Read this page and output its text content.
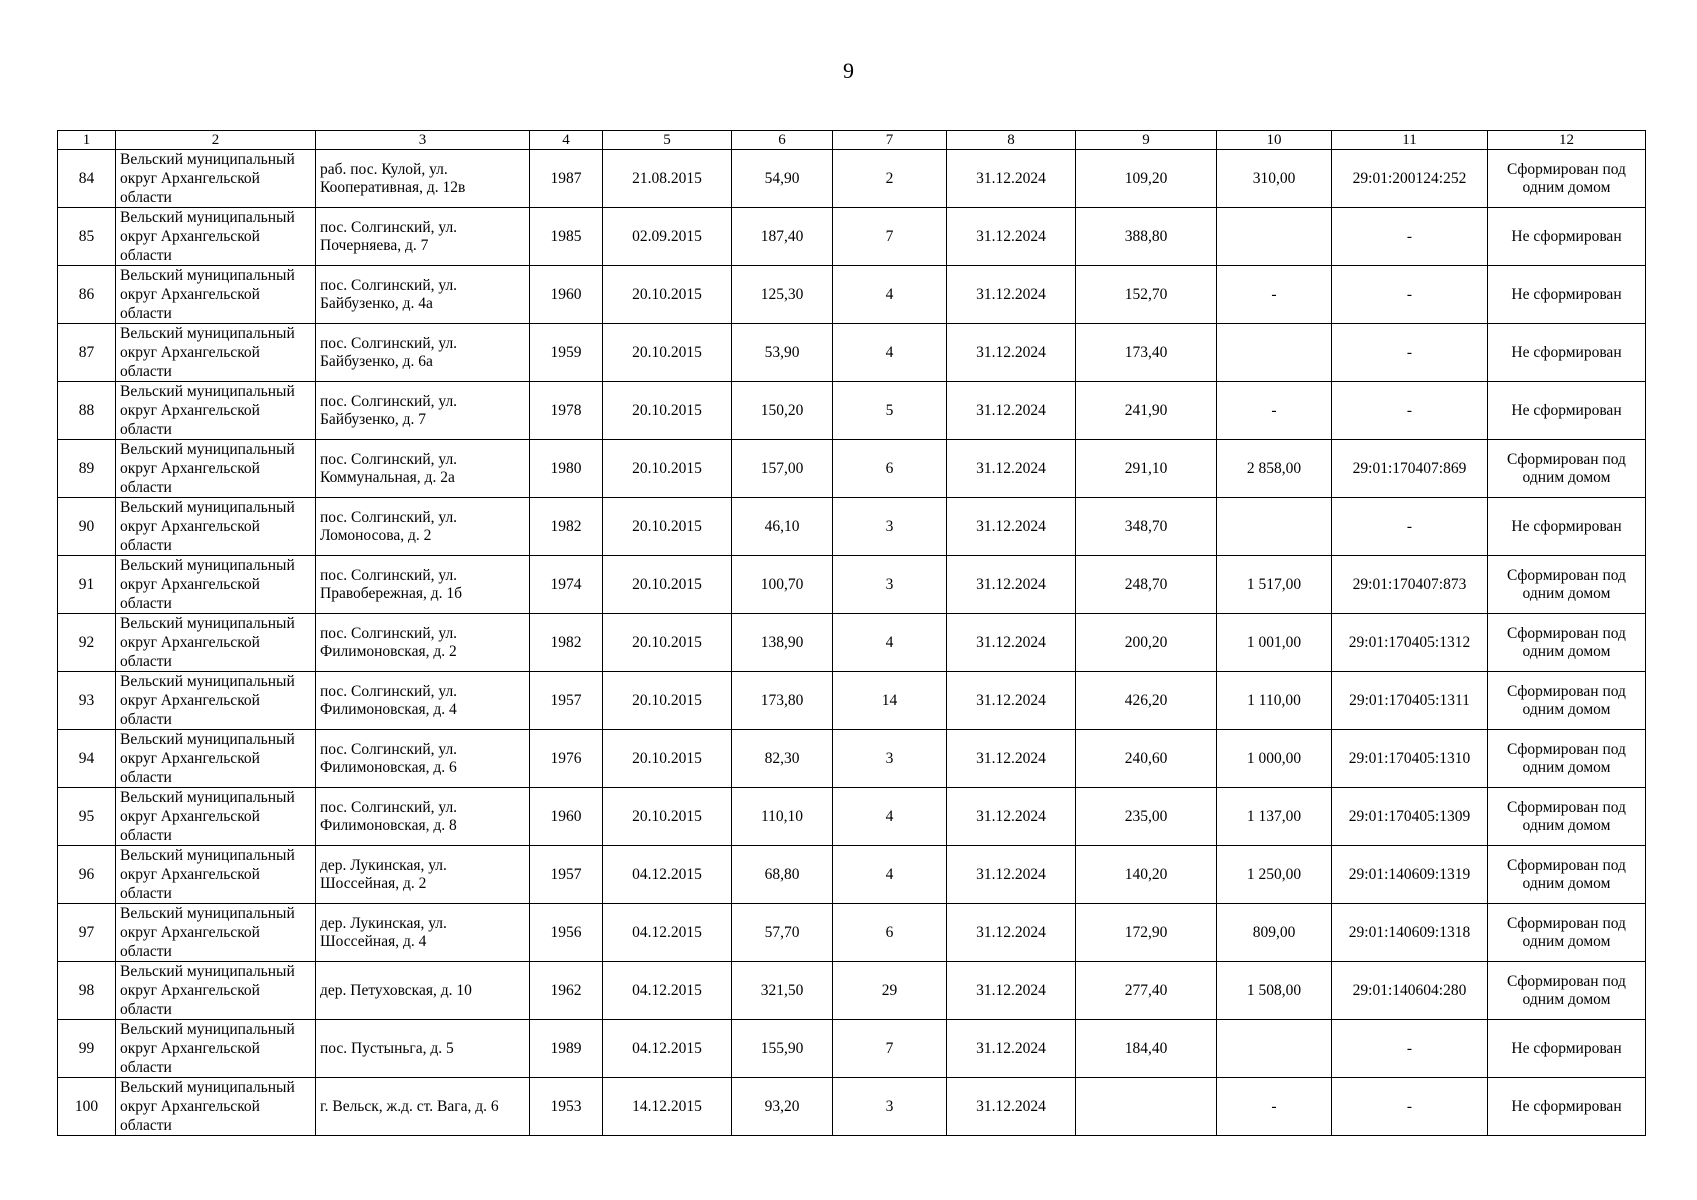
9
1	2	3	4	5	6	7	8	9	10	11	12
84	Вельский муниципальный округ Архангельской области	раб. пос. Кулой, ул. Кооперативная, д. 12в	1987	21.08.2015	54,90	2	31.12.2024	109,20	310,00	29:01:200124:252	Сформирован под одним домом
85	Вельский муниципальный округ Архангельской области	пос. Солгинский, ул. Почерняева, д. 7	1985	02.09.2015	187,40	7	31.12.2024	388,80		-	Не сформирован
86	Вельский муниципальный округ Архангельской области	пос. Солгинский, ул. Байбузенко, д. 4а	1960	20.10.2015	125,30	4	31.12.2024	152,70	-	-	Не сформирован
87	Вельский муниципальный округ Архангельской области	пос. Солгинский, ул. Байбузенко, д. 6а	1959	20.10.2015	53,90	4	31.12.2024	173,40		-	Не сформирован
88	Вельский муниципальный округ Архангельской области	пос. Солгинский, ул. Байбузенко, д. 7	1978	20.10.2015	150,20	5	31.12.2024	241,90	-	-	Не сформирован
89	Вельский муниципальный округ Архангельской области	пос. Солгинский, ул. Коммунальная, д. 2а	1980	20.10.2015	157,00	6	31.12.2024	291,10	2 858,00	29:01:170407:869	Сформирован под одним домом
90	Вельский муниципальный округ Архангельской области	пос. Солгинский, ул. Ломоносова, д. 2	1982	20.10.2015	46,10	3	31.12.2024	348,70		-	Не сформирован
91	Вельский муниципальный округ Архангельской области	пос. Солгинский, ул. Правобережная, д. 1б	1974	20.10.2015	100,70	3	31.12.2024	248,70	1 517,00	29:01:170407:873	Сформирован под одним домом
92	Вельский муниципальный округ Архангельской области	пос. Солгинский, ул. Филимоновская, д. 2	1982	20.10.2015	138,90	4	31.12.2024	200,20	1 001,00	29:01:170405:1312	Сформирован под одним домом
93	Вельский муниципальный округ Архангельской области	пос. Солгинский, ул. Филимоновская, д. 4	1957	20.10.2015	173,80	14	31.12.2024	426,20	1 110,00	29:01:170405:1311	Сформирован под одним домом
94	Вельский муниципальный округ Архангельской области	пос. Солгинский, ул. Филимоновская, д. 6	1976	20.10.2015	82,30	3	31.12.2024	240,60	1 000,00	29:01:170405:1310	Сформирован под одним домом
95	Вельский муниципальный округ Архангельской области	пос. Солгинский, ул. Филимоновская, д. 8	1960	20.10.2015	110,10	4	31.12.2024	235,00	1 137,00	29:01:170405:1309	Сформирован под одним домом
96	Вельский муниципальный округ Архангельской области	дер. Лукинская, ул. Шоссейная, д. 2	1957	04.12.2015	68,80	4	31.12.2024	140,20	1 250,00	29:01:140609:1319	Сформирован под одним домом
97	Вельский муниципальный округ Архангельской области	дер. Лукинская, ул. Шоссейная, д. 4	1956	04.12.2015	57,70	6	31.12.2024	172,90	809,00	29:01:140609:1318	Сформирован под одним домом
98	Вельский муниципальный округ Архангельской области	дер. Петуховская, д. 10	1962	04.12.2015	321,50	29	31.12.2024	277,40	1 508,00	29:01:140604:280	Сформирован под одним домом
99	Вельский муниципальный округ Архангельской области	пос. Пустыньга, д. 5	1989	04.12.2015	155,90	7	31.12.2024	184,40		-	Не сформирован
100	Вельский муниципальный округ Архангельской области	г. Вельск, ж.д. ст. Вага, д. 6	1953	14.12.2015	93,20	3	31.12.2024		-	-	Не сформирован
